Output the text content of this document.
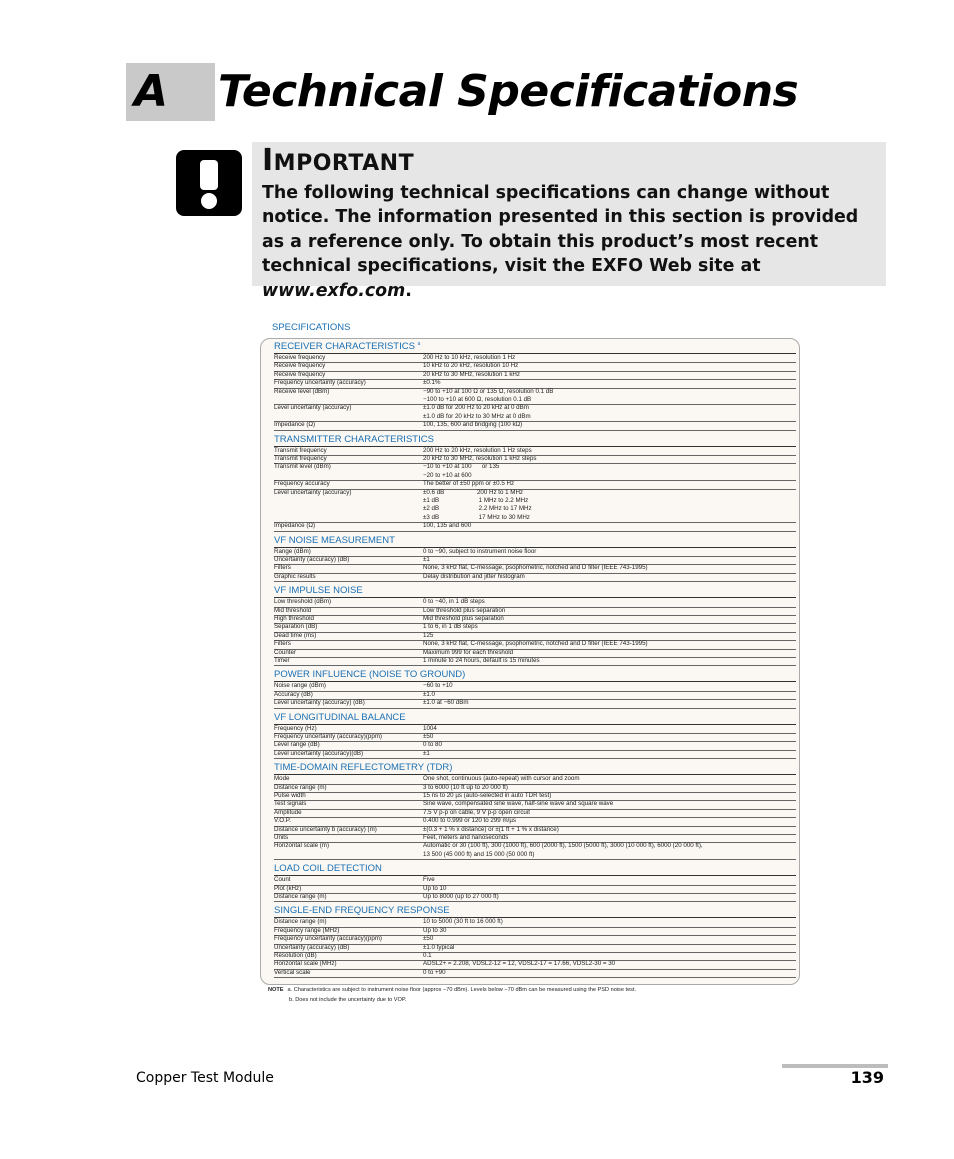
A Technical Specifications
IMPORTANT
The following technical specifications can change without notice. The information presented in this section is provided as a reference only. To obtain this product’s most recent technical specifications, visit the EXFO Web site at www.exfo.com.
SPECIFICATIONS
RECEIVER CHARACTERISTICS $^a$
Receive frequency	200 Hz to 10 kHz, resolution 1 Hz
Receive frequency	10 kHz to 20 kHz, resolution 10 Hz
Receive frequency	20 kHz to 30 MHz, resolution 1 kHz
Frequency uncertainty (accuracy)	±0.1%
Receive level (dBm)	−90 to +10 at 100 Ω or 135 Ω, resolution 0.1 dB
−100 to +10 at 600 Ω, resolution 0.1 dB
Level uncertainty (accuracy)	±1.0 dB for 200 Hz to 20 kHz at 0 dBm
±1.0 dB for 20 kHz to 30 MHz at 0 dBm
Impedance (Ω)	100, 135, 600 and bridging (100 kΩ)
TRANSMITTER CHARACTERISTICS
Transmit frequency	200 Hz to 20 kHz, resolution 1 Hz steps
Transmit frequency	20 kHz to 30 MHz, resolution 1 kHz steps
Transmit level (dBm)	−10 to +10 at 100      or 135
−20 to +10 at 600
Frequency accuracy	The better of ±50 ppm or ±0.5 Hz
Level uncertainty (accuracy)	±0.6 dB                   200 Hz to 1 MHz
±1 dB                       1 MHz to 2.2 MHz
±2 dB                       2.2 MHz to 17 MHz
±3 dB                       17 MHz to 30 MHz
Impedance (Ω)	100, 135 and 600
VF NOISE MEASUREMENT
Range (dBm)	0 to −90, subject to instrument noise floor
Uncertainty (accuracy) (dB)	±1
Filters	None, 3 kHz flat, C-message, psophometric, notched and D filter (IEEE 743-1995)
Graphic results	Delay distribution and jitter histogram
VF IMPULSE NOISE
Low threshold (dBm)	0 to −40, in 1 dB steps
Mid threshold	Low threshold plus separation
High threshold	Mid threshold plus separation
Separation (dB)	1 to 6, in 1 dB steps
Dead time (ms)	125
Filters	None, 3 kHz flat, C-message, psophometric, notched and D filter (IEEE 743-1995)
Counter	Maximum 999 for each threshold
Timer	1 minute to 24 hours, default is 15 minutes
POWER INFLUENCE (NOISE TO GROUND)
Noise range (dBm)	−60 to +10
Accuracy (dB)	±1.0
Level uncertainty (accuracy) (dB)	±1.0 at −60 dBm
VF LONGITUDINAL BALANCE
Frequency (Hz)	1004
Frequency uncertainty (accuracy)(ppm)	±50
Level range (dB)	0 to 80
Level uncertainty (accuracy)(dB)	±1
TIME-DOMAIN REFLECTOMETRY (TDR)
Mode	One shot, continuous (auto-repeat) with cursor and zoom
Distance range (m)	3 to 6000 (10 ft up to 20 000 ft)
Pulse width	15 ns to 20 µs (auto-selected in auto TDR test)
Test signals	Sine wave, compensated sine wave, half-sine wave and square wave
Amplitude	7.5 V p-p on cable, 9 V p-p open circuit
V.O.P.	0.400 to 0.999 or 120 to 299 m/µs
Distance uncertainty b (accuracy) (m)	±(0.3 + 1 % x distance) or ±(1 ft + 1 % x distance)
Units	Feet, meters and nanoseconds
Horizontal scale (m)	Automatic or 30 (100 ft), 300 (1000 ft), 600 (2000 ft), 1500 (5000 ft), 3000 (10 000 ft), 6000 (20 000 ft),
13 500 (45 000 ft) and 15 000 (50 000 ft)
LOAD COIL DETECTION
Count	Five
Plot (kHz)	Up to 10
Distance range (m)	Up to 8000 (up to 27 000 ft)
SINGLE-END FREQUENCY RESPONSE
Distance range (m)	10 to 5000 (30 ft to 16 000 ft)
Frequency range (MHz)	Up to 30
Frequency uncertainty (accuracy)(ppm)	±50
Uncertainty (accuracy) (dB)	±1.0 typical
Resolution (dB)	0.1
Horizontal scale (MHz)	ADSL2+ = 2.208, VDSL2-12 = 12, VDSL2-17 = 17.66, VDSL2-30 = 30
Vertical scale	0 to +90
NOTE a. Characteristics are subject to instrument noise floor (approx −70 dBm). Levels below −70 dBm can be measured using the PSD noise test.
b. Does not include the uncertainty due to VOP.
Copper Test Module	139
